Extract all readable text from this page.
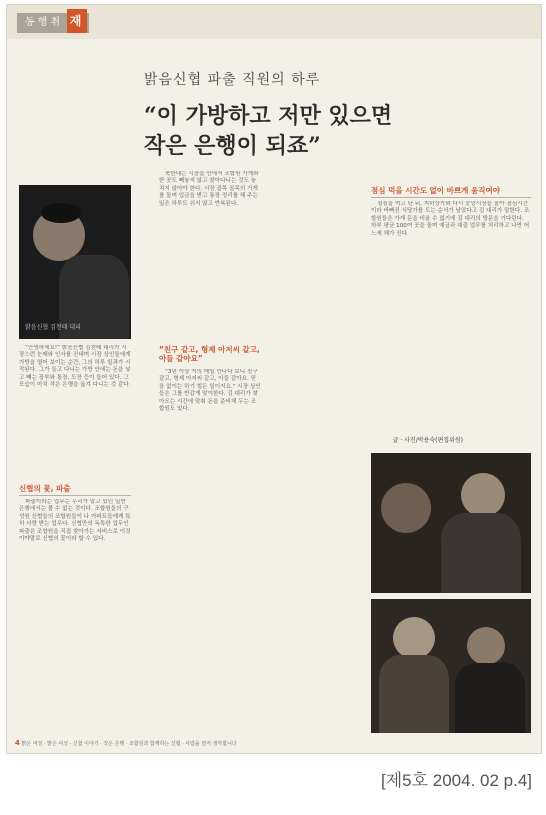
동행취 재
밝음신협 파출 직원의 하루
“이 가방하고 저만 있으면
작은 은행이 되죠”
밝음신협 김천태 대리

“안녕하세요!” 밝음신협 김천태 대리가 시장스런 눈매와 인사를 건네며 시장 상인들에게 가방을 열어 보이는 순간, 그의 하루 일과가 시작된다. 그가 들고 다니는 가방 안에는 돈을 넣고 빼는 장부와 통장, 도장 등이 들어 있다. 그 모습이 마치 작은 은행을 옮겨 다니는 것 같다.

신협의 꽃, 파출

파출이라는 업무는 우리가 알고 있던 일반 은행에서는 볼 수 없는 것이다. 조합원들의 구성원 신협들의 조합원들이 나 아파트들에게 특히 사랑 받는 업무다. 신협만의 독특한 업무인 파출은 조합원을 직접 찾아가는 서비스로 이것이야말로 신협의 꽃이라 할 수 있다.

북한대는 시장을 안에서 조합원 가게와 한 곳도 빼놓지 않고 찾아다니는 것도 놓치지 않아야 한다. 시장 골목 골목의 가게를 돌며 입금을 받고 통장 정리를 해 주는 일은 하루도 쉬지 않고 반복된다.

“친구 같고, 형제 아저씨 같고, 아들 같아요”

“3년 이상 거의 매일 만나다 보니 친구 같고, 형제 아저씨 같고, 아들 같아요. 믿음 없이는 하기 힘든 일이지요.” 시장 상인들은 그를 반갑게 맞이한다. 김 대리가 찾아오는 시간에 맞춰 돈을 준비해 두는 조합원도 있다.

점심 먹을 시간도 없이 바쁘게 움직여야

점심을 먹고 난 뒤, 지하상가와 다시 중앙시장을 돌아 점심시간이라 바빠진 식당가를 도는 순서가 남았다고 김 대리가 말한다. 조합원들은 가게 문을 비울 수 없기에 김 대리의 방문을 기다린다. 하루 평균 100여 곳을 돌며 예금과 대출 업무를 처리하고 나면 어느새 해가 진다.

글 · 사진/박용숙(편집위원)
4 밝은 여성 · 밝은 여성 · 신협 이야기 · 작은 은행 · 조합원과 함께하는 신협 · 사람을 먼저 생각합니다
[제5호 2004. 02 p.4]
